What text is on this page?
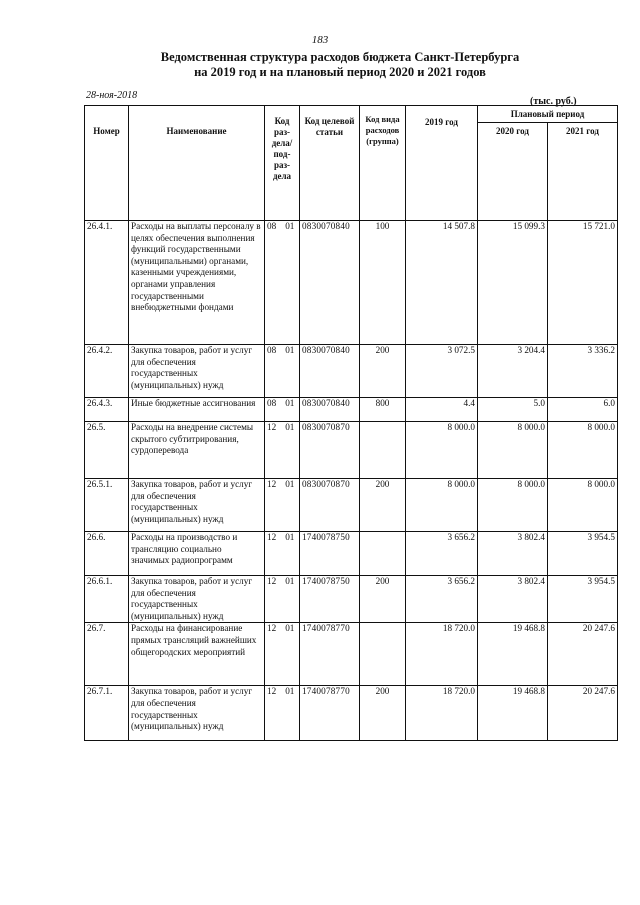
183
Ведомственная структура расходов бюджета Санкт-Петербурга
на 2019 год и на плановый период 2020 и 2021 годов
28-ноя-2018
(тыс. руб.)
Номер	Наименование	Код раз- дела/ под- раз- дела	Код целевой статьи	Код вида расходов (группа)	2019 год	Плановый период	
						2020 год	2021 год
26.4.1.	Расходы на выплаты персоналу в целях обеспечения выполнения функций государственными (муниципальными) органами, казенными учреждениями, органами управления государственными внебюджетными фондами	08 01	0830070840	100	14 507.8	15 099.3	15 721.0
26.4.2.	Закупка товаров, работ и услуг для обеспечения государственных (муниципальных) нужд	08 01	0830070840	200	3 072.5	3 204.4	3 336.2
26.4.3.	Иные бюджетные ассигнования	08 01	0830070840	800	4.4	5.0	6.0
26.5.	Расходы на внедрение системы скрытого субтитрирования, сурдоперевода	12 01	0830070870		8 000.0	8 000.0	8 000.0
26.5.1.	Закупка товаров, работ и услуг для обеспечения государственных (муниципальных) нужд	12 01	0830070870	200	8 000.0	8 000.0	8 000.0
26.6.	Расходы на производство и трансляцию социально значимых радиопрограмм	12 01	1740078750		3 656.2	3 802.4	3 954.5
26.6.1.	Закупка товаров, работ и услуг для обеспечения государственных (муниципальных) нужд	12 01	1740078750	200	3 656.2	3 802.4	3 954.5
26.7.	Расходы на финансирование прямых трансляций важнейших общегородских мероприятий	12 01	1740078770		18 720.0	19 468.8	20 247.6
26.7.1.	Закупка товаров, работ и услуг для обеспечения государственных (муниципальных) нужд	12 01	1740078770	200	18 720.0	19 468.8	20 247.6
